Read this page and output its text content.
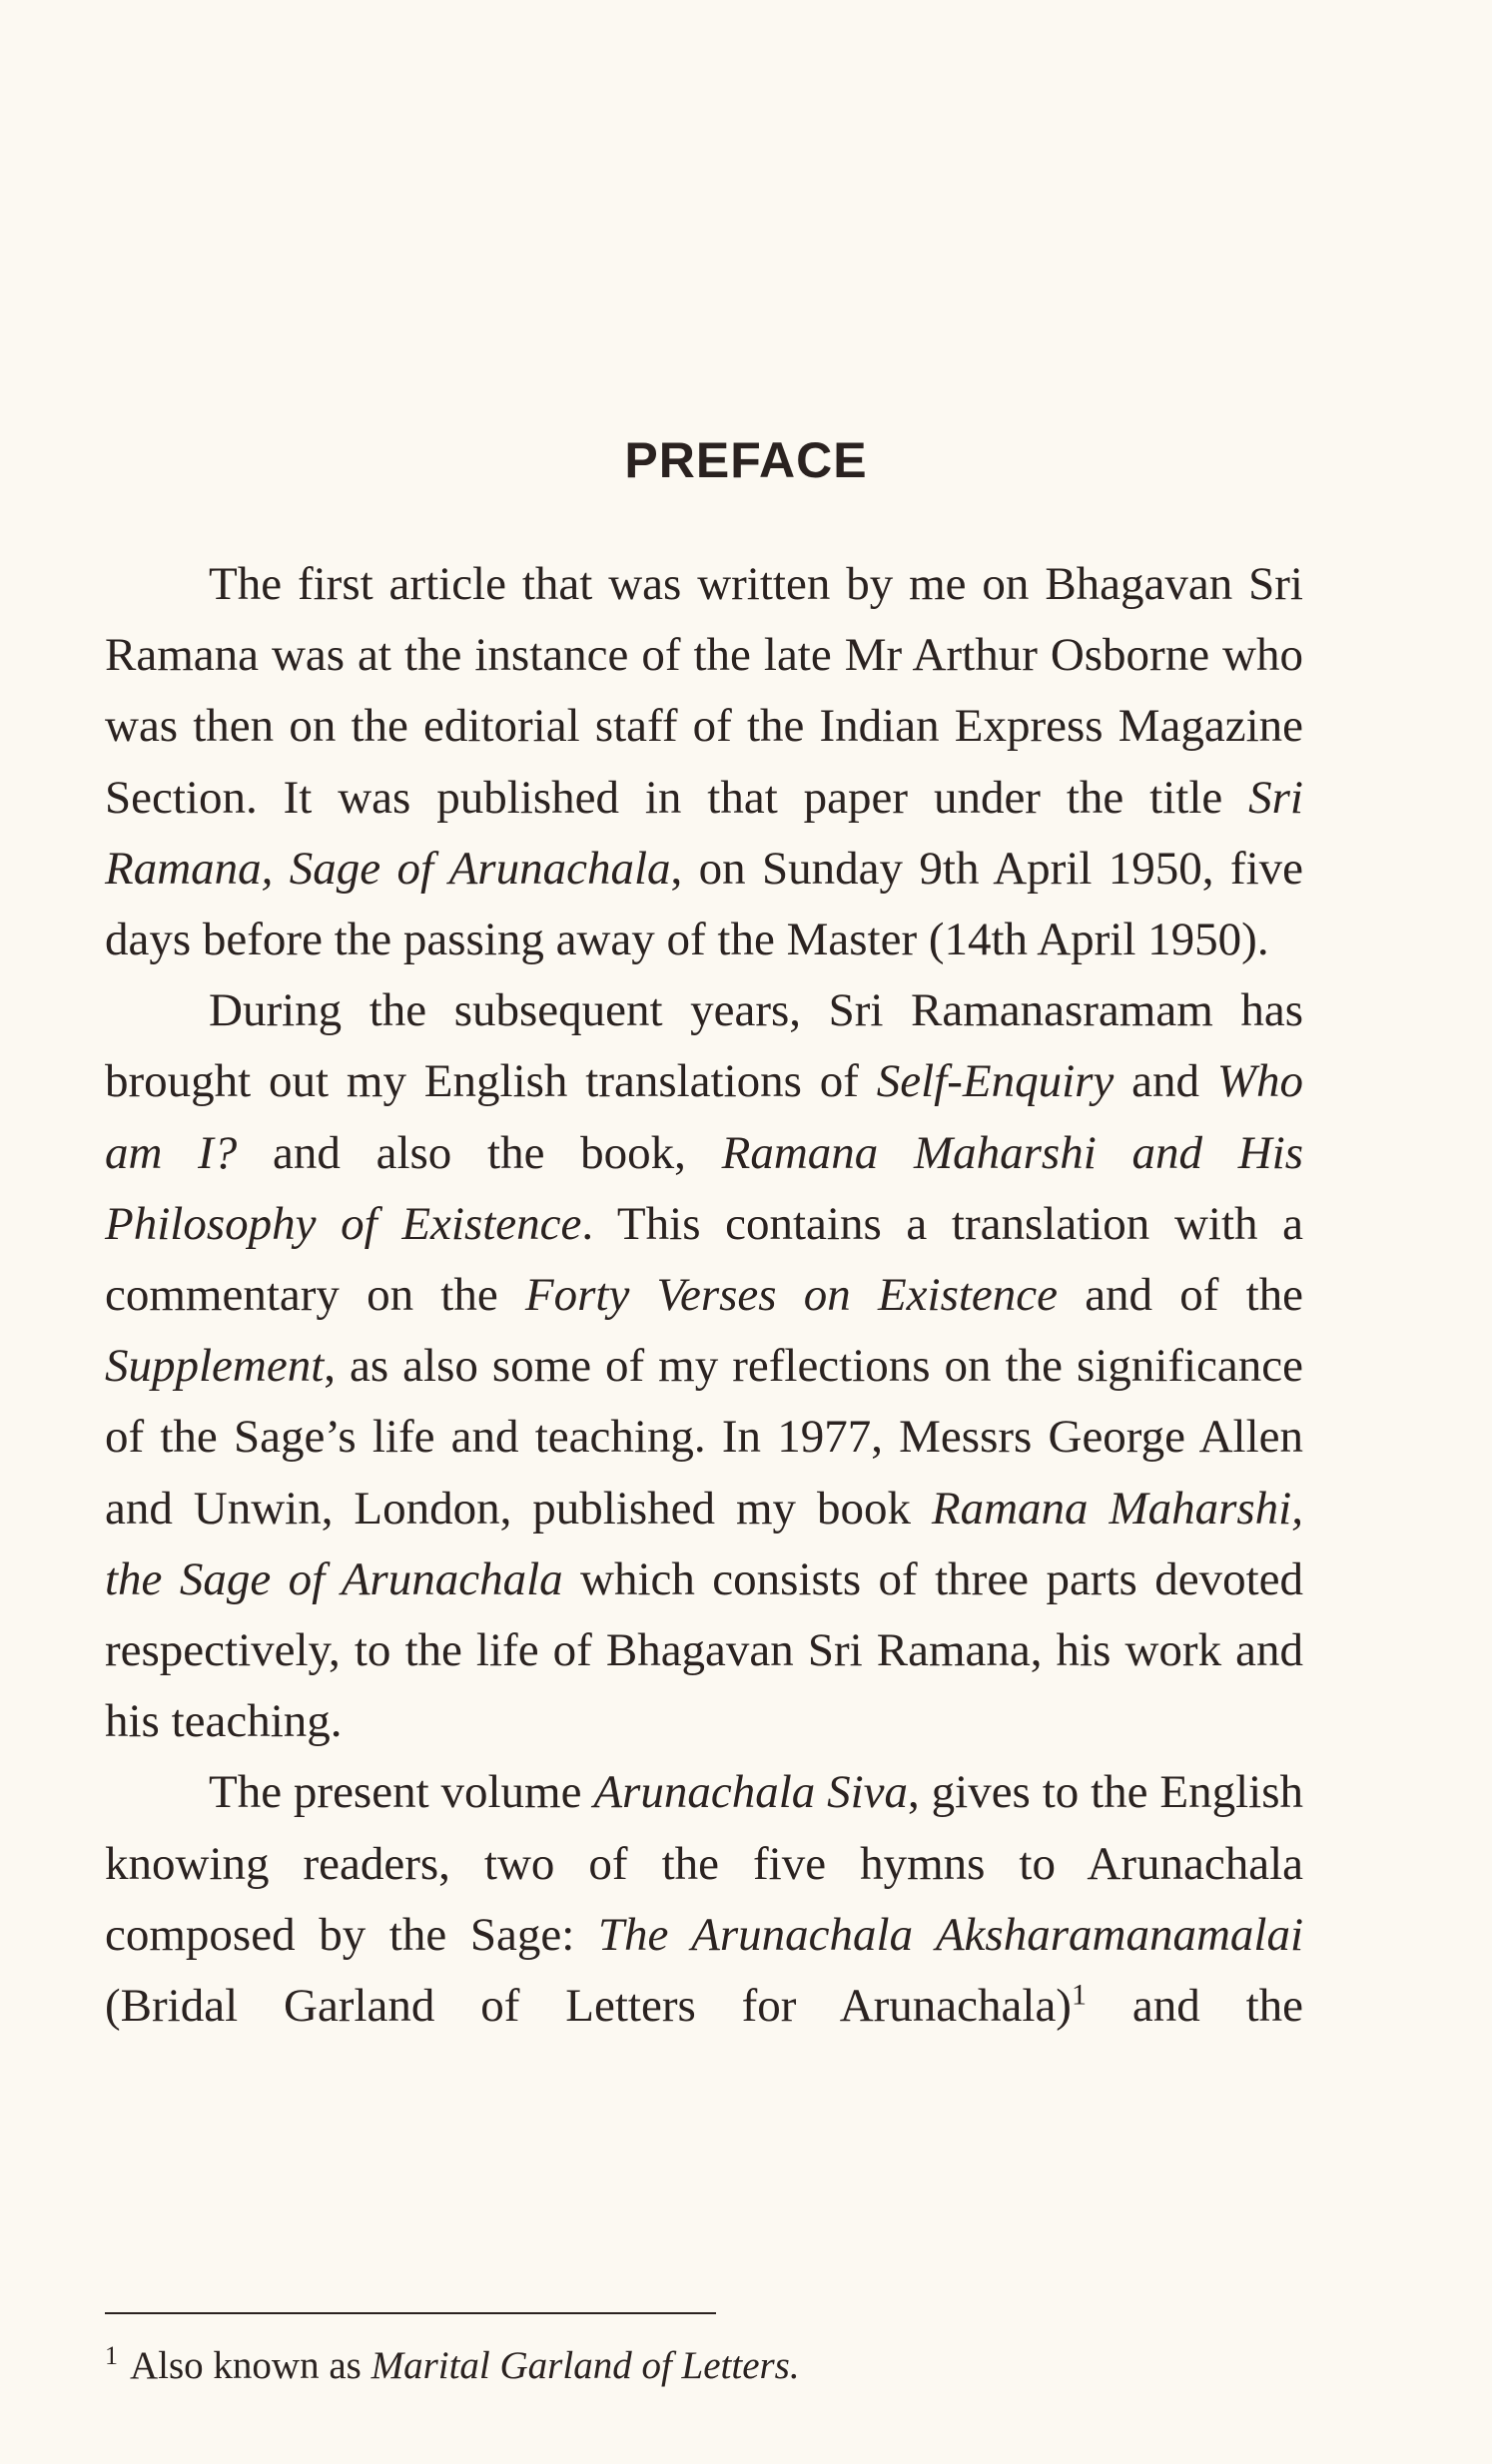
PREFACE

The first article that was written by me on Bhagavan Sri Ramana was at the instance of the late Mr Arthur Osborne who was then on the editorial staff of the Indian Express Magazine Section. It was published in that paper under the title Sri Ramana, Sage of Arunachala, on Sunday 9th April 1950, five days before the passing away of the Master (14th April 1950).

During the subsequent years, Sri Ramanasramam has brought out my English translations of Self-Enquiry and Who am I? and also the book, Ramana Maharshi and His Philosophy of Existence. This contains a translation with a commentary on the Forty Verses on Existence and of the Supplement, as also some of my reflections on the significance of the Sage’s life and teaching. In 1977, Messrs George Allen and Unwin, London, published my book Ramana Maharshi, the Sage of Arunachala which consists of three parts devoted respectively, to the life of Bhagavan Sri Ramana, his work and his teaching.

The present volume Arunachala Siva, gives to the English knowing readers, two of the five hymns to Arunachala composed by the Sage: The Arunachala Aksharamanamalai (Bridal Garland of Letters for Arunachala)$^1$ and the

$^1$ Also known as Marital Garland of Letters.
